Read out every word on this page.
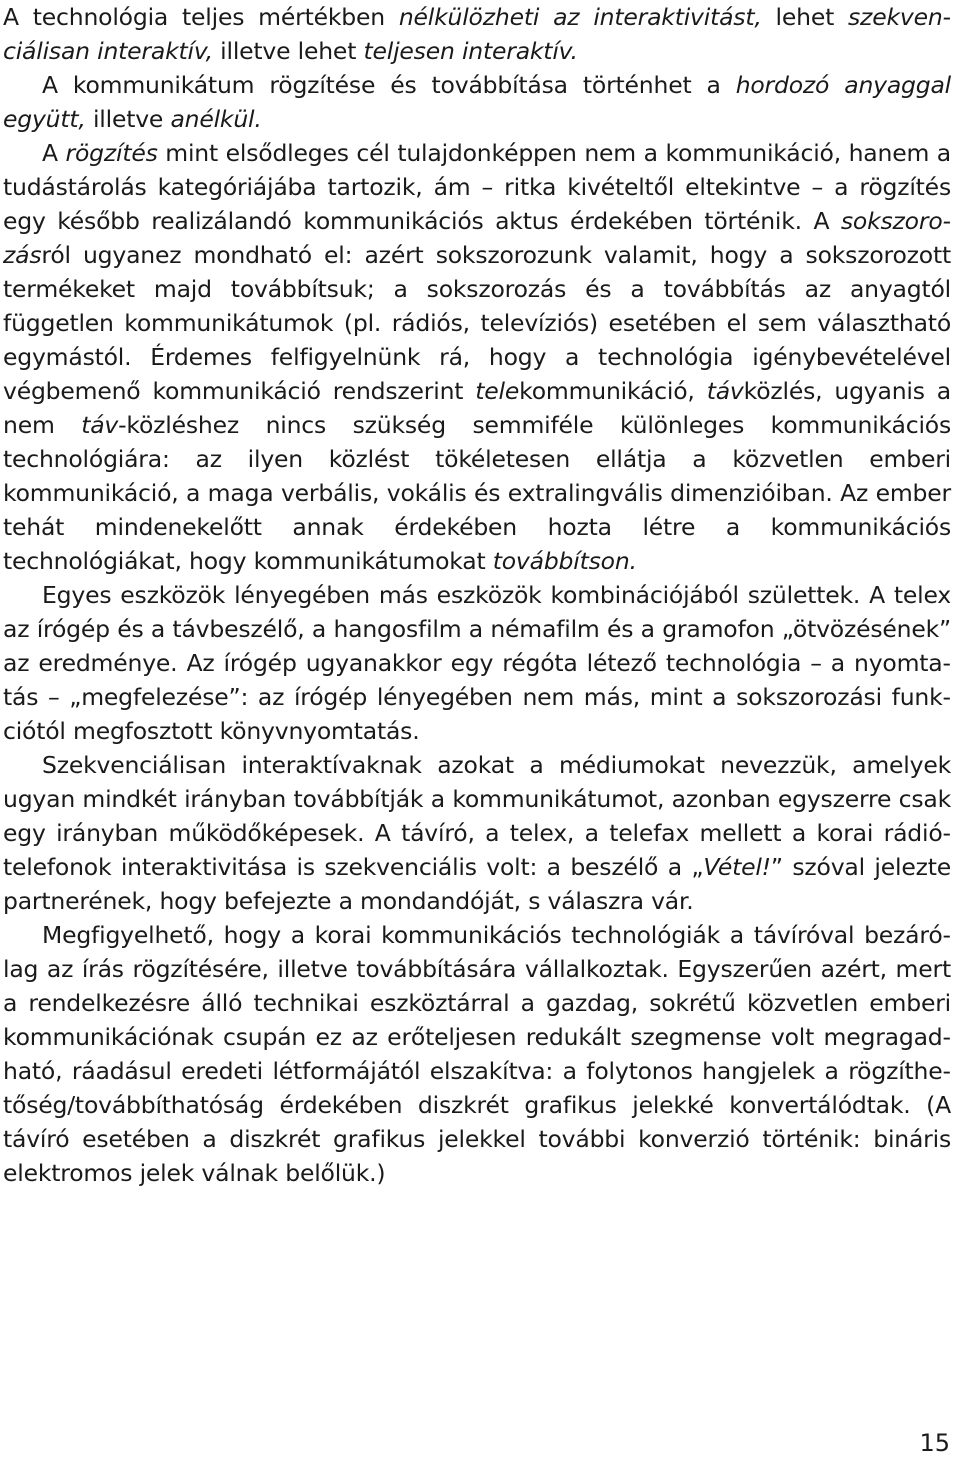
A technológia teljes mértékben nélkülözheti az interaktivitást, lehet szekvenciálisan interaktív, illetve lehet teljesen interaktív.

A kommunikátum rögzítése és továbbítása történhet a hordozó anyaggal együtt, illetve anélkül.

A rögzítés mint elsődleges cél tulajdonképpen nem a kommunikáció, hanem a tudástárolás kategóriájába tartozik, ám – ritka kivételtől eltekintve – a rögzítés egy később realizálandó kommunikációs aktus érdekében történik. A sokszorozásról ugyanez mondható el: azért sokszorozunk valamit, hogy a sokszorozott termékeket majd továbbítsuk; a sokszorozás és a továbbítás az anyagtól független kommunikátumok (pl. rádiós, televíziós) esetében el sem választható egymástól. Érdemes felfigyelnünk rá, hogy a technológia igénybevételével végbemenő kommunikáció rendszerint telekommunikáció, távközlés, ugyanis a nem táv-közléshez nincs szükség semmiféle különleges kommunikációs technológiára: az ilyen közlést tökéletesen ellátja a közvetlen emberi kommunikáció, a maga verbális, vokális és extralingvális dimenzióiban. Az ember tehát mindenekelőtt annak érdekében hozta létre a kommunikációs technológiákat, hogy kommunikátumokat továbbítson.

Egyes eszközök lényegében más eszközök kombinációjából születtek. A telex az írógép és a távbeszélő, a hangosfilm a némafilm és a gramofon „ötvözésének” az eredménye. Az írógép ugyanakkor egy régóta létező technológia – a nyomtatás – „megfelezése”: az írógép lényegében nem más, mint a sokszorozási funkciótól megfosztott könyvnyomtatás.

Szekvenciálisan interaktívaknak azokat a médiumokat nevezzük, amelyek ugyan mindkét irányban továbbítják a kommunikátumot, azonban egyszerre csak egy irányban működőképesek. A távíró, a telex, a telefax mellett a korai rádiótelefonok interaktivitása is szekvenciális volt: a beszélő a „Vétel!” szóval jelezte partnerének, hogy befejezte a mondandóját, s válaszra vár.

Megfigyelhető, hogy a korai kommunikációs technológiák a távíróval bezárólag az írás rögzítésére, illetve továbbítására vállalkoztak. Egyszerűen azért, mert a rendelkezésre álló technikai eszköztárral a gazdag, sokrétű közvetlen emberi kommunikációnak csupán ez az erőteljesen redukált szegmense volt megragadható, ráadásul eredeti létformájától elszakítva: a folytonos hangjelek a rögzíthetőség/továbbíthatóság érdekében diszkrét grafikus jelekké konvertálódtak. (A távíró esetében a diszkrét grafikus jelekkel további konverzió történik: bináris elektromos jelek válnak belőlük.)

15
